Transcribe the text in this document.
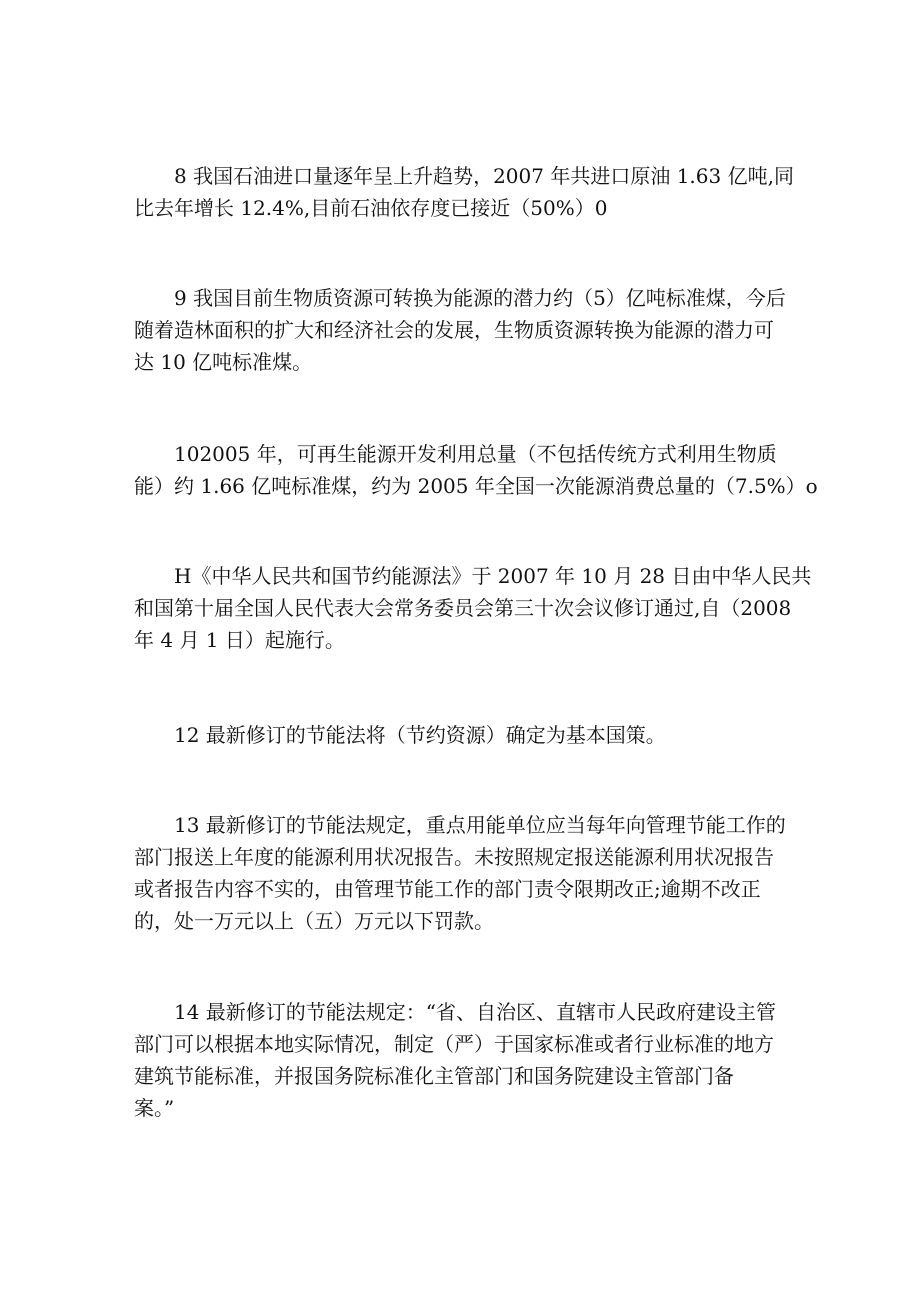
8 我国石油进口量逐年呈上升趋势，2007 年共进口原油 1.63 亿吨,同
比去年增长 12.4%,目前石油依存度已接近（50%）0
9 我国目前生物质资源可转换为能源的潜力约（5）亿吨标准煤，今后
随着造林面积的扩大和经济社会的发展，生物质资源转换为能源的潜力可
达 10 亿吨标准煤。
102005 年，可再生能源开发利用总量（不包括传统方式利用生物质
能）约 1.66 亿吨标准煤，约为 2005 年全国一次能源消费总量的（7.5%）o
H《中华人民共和国节约能源法》于 2007 年 10 月 28 日由中华人民共
和国第十届全国人民代表大会常务委员会第三十次会议修订通过,自（2008
年 4 月 1 日）起施行。
12 最新修订的节能法将（节约资源）确定为基本国策。
13 最新修订的节能法规定，重点用能单位应当每年向管理节能工作的
部门报送上年度的能源利用状况报告。未按照规定报送能源利用状况报告
或者报告内容不实的，由管理节能工作的部门责令限期改正;逾期不改正
的，处一万元以上（五）万元以下罚款。
14 最新修订的节能法规定：“省、自治区、直辖市人民政府建设主管
部门可以根据本地实际情况，制定（严）于国家标准或者行业标准的地方
建筑节能标准，并报国务院标准化主管部门和国务院建设主管部门备
案。”
